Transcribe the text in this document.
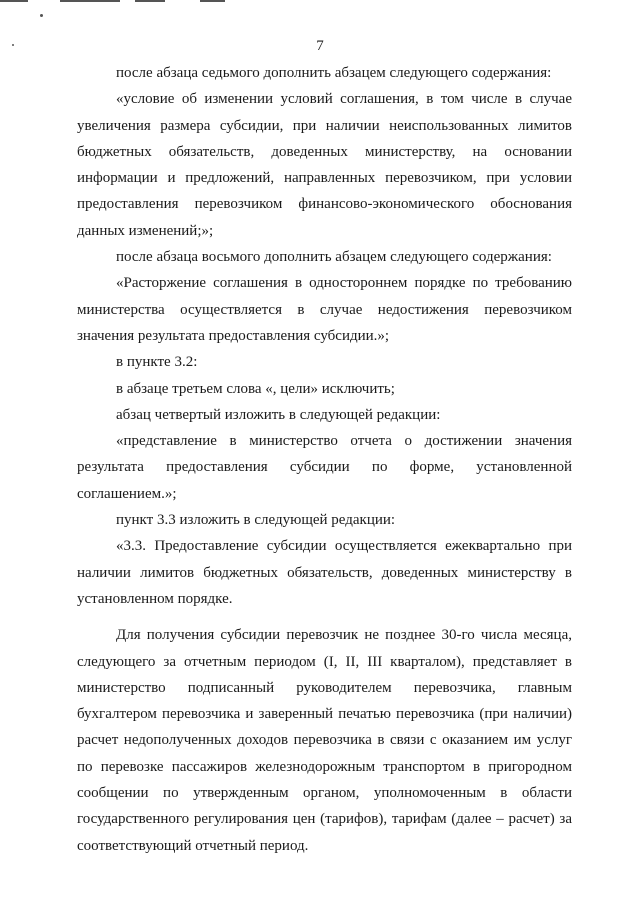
7

после абзаца седьмого дополнить абзацем следующего содержания:

«условие об изменении условий соглашения, в том числе в случае увеличения размера субсидии, при наличии неиспользованных лимитов бюджетных обязательств, доведенных министерству, на основании информации и предложений, направленных перевозчиком, при условии предоставления перевозчиком финансово-экономического обоснования данных изменений;»;

после абзаца восьмого дополнить абзацем следующего содержания:

«Расторжение соглашения в одностороннем порядке по требованию министерства осуществляется в случае недостижения перевозчиком значения результата предоставления субсидии.»;

в пункте 3.2:

в абзаце третьем слова «, цели» исключить;

абзац четвертый изложить в следующей редакции:

«представление в министерство отчета о достижении значения результата предоставления субсидии по форме, установленной соглашением.»;

пункт 3.3 изложить в следующей редакции:

«3.3. Предоставление субсидии осуществляется ежеквартально при наличии лимитов бюджетных обязательств, доведенных министерству в установленном порядке.

Для получения субсидии перевозчик не позднее 30-го числа месяца, следующего за отчетным периодом (I, II, III кварталом), представляет в министерство подписанный руководителем перевозчика, главным бухгалтером перевозчика и заверенный печатью перевозчика (при наличии) расчет недополученных доходов перевозчика в связи с оказанием им услуг по перевозке пассажиров железнодорожным транспортом в пригородном сообщении по утвержденным органом, уполномоченным в области государственного регулирования цен (тарифов), тарифам (далее – расчет) за соответствующий отчетный период.
